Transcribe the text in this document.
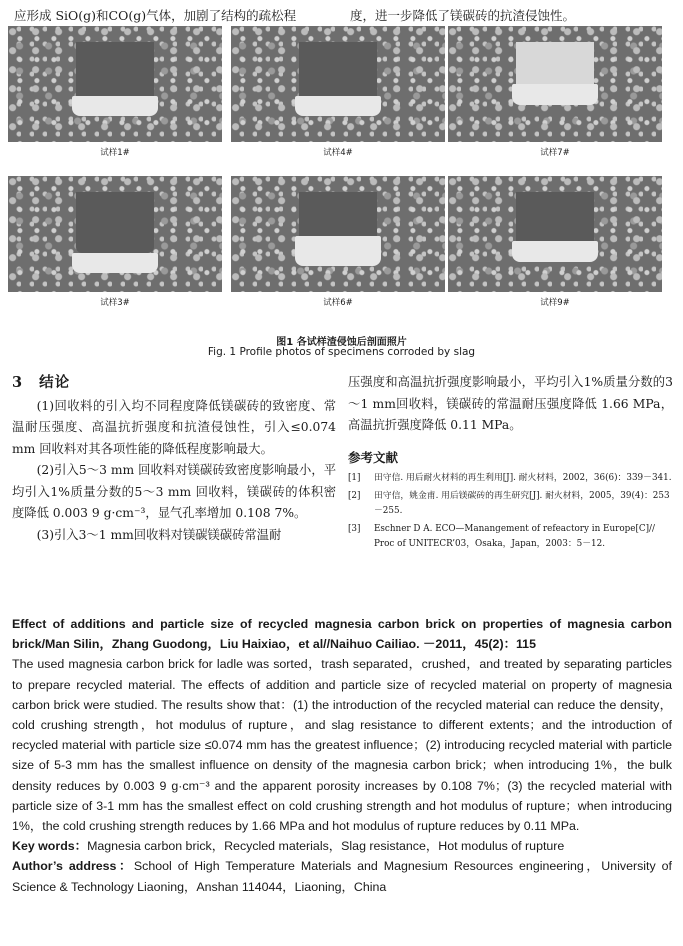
应形成 SiO(g)和CO(g)气体，加剧了结构的疏松程	度，进一步降低了镁碳砖的抗渣侵蚀性。
试样1#	试样4#	试样7#
试样3#	试样6#	试样9#
图1 各试样渣侵蚀后剖面照片
Fig. 1 Profile photos of specimens corroded by slag
3 结论

(1)回收料的引入均不同程度降低镁碳砖的致密度、常温耐压强度、高温抗折强度和抗渣侵蚀性，引入≤0.074 mm 回收料对其各项性能的降低程度影响最大。

(2)引入5～3 mm 回收料对镁碳砖致密度影响最小，平均引入1%质量分数的5～3 mm 回收料，镁碳砖的体积密度降低 0.003 9 g·cm⁻³，显气孔率增加 0.108 7%。

(3)引入3～1 mm回收料对镁碳镁碳砖常温耐

压强度和高温抗折强度影响最小，平均引入1%质量分数的3～1 mm回收料，镁碳砖的常温耐压强度降低 1.66 MPa，高温抗折强度降低 0.11 MPa。

参考文献
[1]	田守信. 用后耐火材料的再生利用[J]. 耐火材料，2002，36(6)：339－341.
[2]	田守信，姚金甫. 用后镁碳砖的再生研究[J]. 耐火材料，2005，39(4)：253－255.
[3]	Eschner D A. ECO—Manangement of refeactory in Europe[C]// Proc of UNITECR’03，Osaka，Japan，2003：5－12.

Effect of additions and particle size of recycled magnesia carbon brick on properties of magnesia carbon brick/Man Silin，Zhang Guodong，Liu Haixiao，et al//Naihuo Cailiao. －2011，45(2)：115

The used magnesia carbon brick for ladle was sorted，trash separated，crushed，and treated by separating particles to prepare recycled material. The effects of addition and particle size of recycled material on property of magnesia carbon brick were studied. The results show that：(1) the introduction of the recycled material can reduce the density，cold crushing strength，hot modulus of rupture，and slag resistance to different extents；and the introduction of recycled material with particle size ≤0.074 mm has the greatest influence；(2) introducing recycled material with particle size of 5-3 mm has the smallest influence on density of the magnesia carbon brick；when introducing 1%，the bulk density reduces by 0.003 9 g·cm⁻³ and the apparent porosity increases by 0.108 7%；(3) the recycled material with particle size of 3-1 mm has the smallest effect on cold crushing strength and hot modulus of rupture；when introducing 1%，the cold crushing strength reduces by 1.66 MPa and hot modulus of rupture reduces by 0.11 MPa.

Key words：Magnesia carbon brick，Recycled materials，Slag resistance，Hot modulus of rupture

Author’s address：School of High Temperature Materials and Magnesium Resources engineering，University of Science & Technology Liaoning，Anshan 114044，Liaoning，China
